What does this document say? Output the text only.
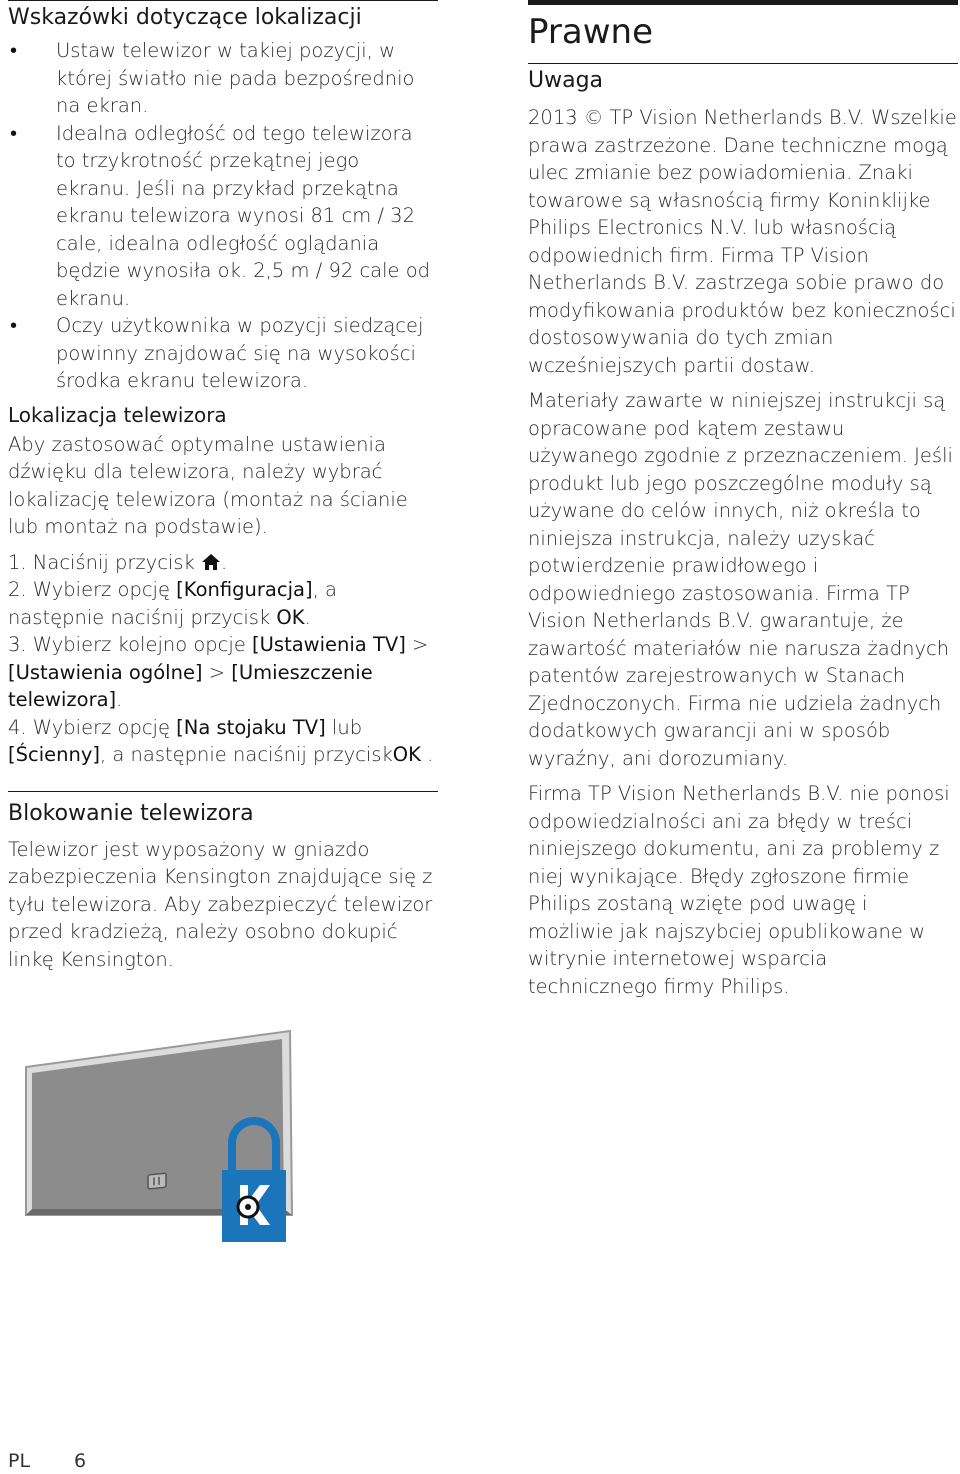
Wskazówki dotyczące lokalizacji
• Ustaw telewizor w takiej pozycji, w której światło nie pada bezpośrednio na ekran.
• Idealna odległość od tego telewizora to trzykrotność przekątnej jego ekranu. Jeśli na przykład przekątna ekranu telewizora wynosi 81 cm / 32 cale, idealna odległość oglądania będzie wynosiła ok. 2,5 m / 92 cale od ekranu.
• Oczy użytkownika w pozycji siedzącej powinny znajdować się na wysokości środka ekranu telewizora.
Lokalizacja telewizora

Aby zastosować optymalne ustawienia dźwięku dla telewizora, należy wybrać lokalizację telewizora (montaż na ścianie lub montaż na podstawie).

1. Naciśnij przycisk .
2. Wybierz opcję [Konfiguracja], a następnie naciśnij przycisk OK.
3. Wybierz kolejno opcje [Ustawienia TV] > [Ustawienia ogólne] > [Umieszczenie telewizora].
4. Wybierz opcję [Na stojaku TV] lub [Ścienny], a następnie naciśnij przyciskOK .
Blokowanie telewizora

Telewizor jest wyposażony w gniazdo zabezpieczenia Kensington znajdujące się z tyłu telewizora. Aby zabezpieczyć telewizor przed kradzieżą, należy osobno dokupić linkę Kensington.

Prawne
Uwaga

2013 © TP Vision Netherlands B.V. Wszelkie prawa zastrzeżone. Dane techniczne mogą ulec zmianie bez powiadomienia. Znaki towarowe są własnością firmy Koninklijke Philips Electronics N.V. lub własnością odpowiednich firm. Firma TP Vision Netherlands B.V. zastrzega sobie prawo do modyfikowania produktów bez konieczności dostosowywania do tych zmian wcześniejszych partii dostaw.

Materiały zawarte w niniejszej instrukcji są opracowane pod kątem zestawu używanego zgodnie z przeznaczeniem. Jeśli produkt lub jego poszczególne moduły są używane do celów innych, niż określa to niniejsza instrukcja, należy uzyskać potwierdzenie prawidłowego i odpowiedniego zastosowania. Firma TP Vision Netherlands B.V. gwarantuje, że zawartość materiałów nie narusza żadnych patentów zarejestrowanych w Stanach Zjednoczonych. Firma nie udziela żadnych dodatkowych gwarancji ani w sposób wyraźny, ani dorozumiany.

Firma TP Vision Netherlands B.V. nie ponosi odpowiedzialności ani za błędy w treści niniejszego dokumentu, ani za problemy z niej wynikające. Błędy zgłoszone firmie Philips zostaną wzięte pod uwagę i możliwie jak najszybciej opublikowane w witrynie internetowej wsparcia technicznego firmy Philips.

PL 6
